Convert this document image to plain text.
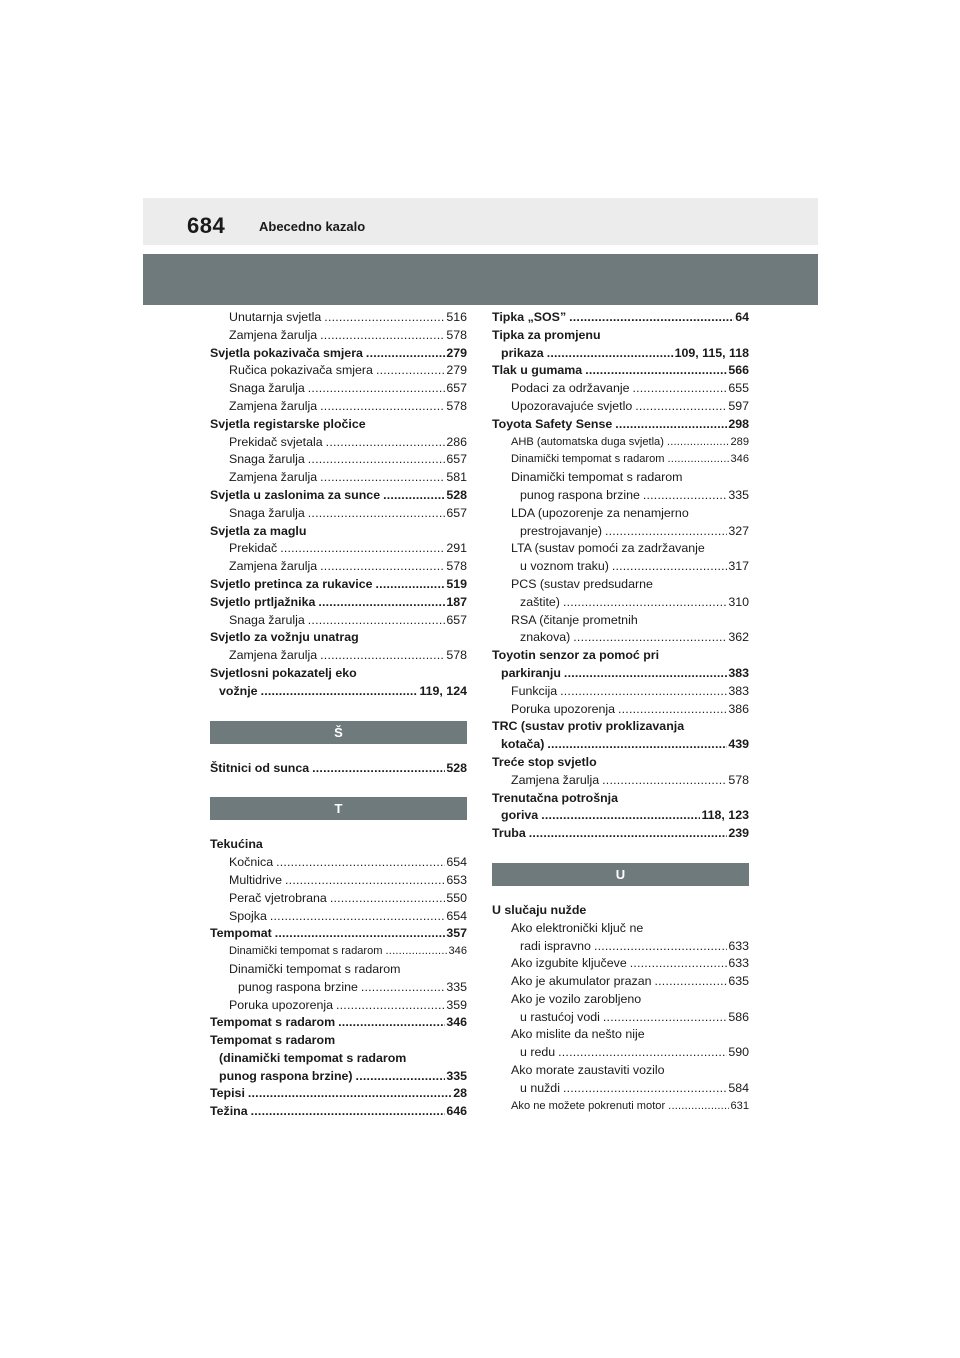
684	Abecedno kazalo
Unutarnja svjetla .....	516
Zamjena žarulja .....	578
Svjetla pokazivača smjera .....	279
Ručica pokazivača smjera .....	279
Snaga žarulja .....	657
Zamjena žarulja .....	578
Svjetla registarske pločice
Prekidač svjetala .....	286
Snaga žarulja .....	657
Zamjena žarulja .....	581
Svjetla u zaslonima za sunce .....	528
Snaga žarulja .....	657
Svjetla za maglu
Prekidač .....	291
Zamjena žarulja .....	578
Svjetlo pretinca za rukavice .....	519
Svjetlo prtljažnika .....	187
Snaga žarulja .....	657
Svjetlo za vožnju unatrag
Zamjena žarulja .....	578
Svjetlosni pokazatelj eko
vožnje .....	119, 124
Š
Štitnici od sunca .....	528
T
Tekućina
Kočnica .....	654
Multidrive .....	653
Perač vjetrobrana .....	550
Spojka .....	654
Tempomat .....	357
Dinamički tempomat s radarom .....	346
Dinamički tempomat s radarom
punog raspona brzine .....	335
Poruka upozorenja .....	359
Tempomat s radarom .....	346
Tempomat s radarom
(dinamički tempomat s radarom
punog raspona brzine) .....	335
Tepisi .....	28
Težina .....	646
Tipka „SOS” .....	64
Tipka za promjenu
prikaza .....	109, 115, 118
Tlak u gumama .....	566
Podaci za održavanje .....	655
Upozoravajuće svjetlo .....	597
Toyota Safety Sense .....	298
AHB (automatska duga svjetla) .....	289
Dinamički tempomat s radarom .....	346
Dinamički tempomat s radarom
punog raspona brzine .....	335
LDA (upozorenje za nenamjerno
prestrojavanje) .....	327
LTA (sustav pomoći za zadržavanje
u voznom traku) .....	317
PCS (sustav predsudarne
zaštite) .....	310
RSA (čitanje prometnih
znakova) .....	362
Toyotin senzor za pomoć pri
parkiranju .....	383
Funkcija .....	383
Poruka upozorenja .....	386
TRC (sustav protiv proklizavanja
kotača) .....	439
Treće stop svjetlo
Zamjena žarulja .....	578
Trenutačna potrošnja
goriva .....	118, 123
Truba .....	239
U
U slučaju nužde
Ako elektronički ključ ne
radi ispravno .....	633
Ako izgubite ključeve .....	633
Ako je akumulator prazan .....	635
Ako je vozilo zarobljeno
u rastućoj vodi .....	586
Ako mislite da nešto nije
u redu .....	590
Ako morate zaustaviti vozilo
u nuždi .....	584
Ako ne možete pokrenuti motor .....	631
